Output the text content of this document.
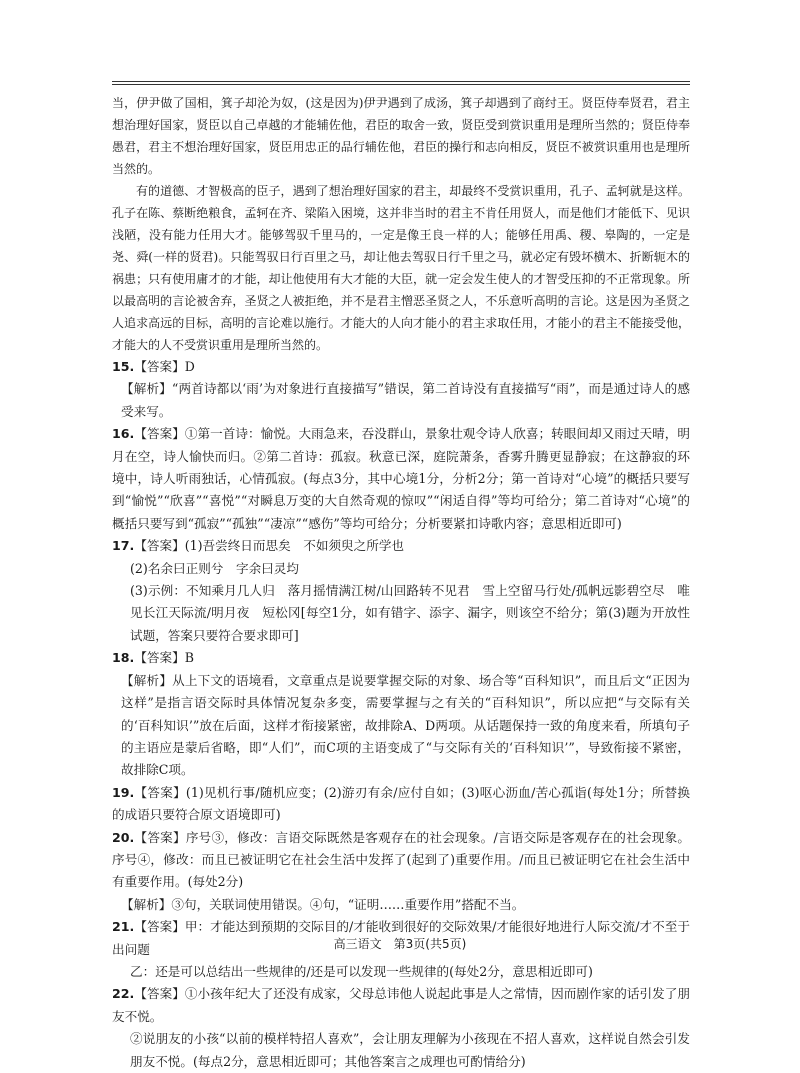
当，伊尹做了国相，箕子却沦为奴，(这是因为)伊尹遇到了成汤，箕子却遇到了商纣王。贤臣侍奉贤君，君主想治理好国家，贤臣以自己卓越的才能辅佐他，君臣的取舍一致，贤臣受到赏识重用是理所当然的；贤臣侍奉愚君，君主不想治理好国家，贤臣用忠正的品行辅佐他，君臣的操行和志向相反，贤臣不被赏识重用也是理所当然的。

有的道德、才智极高的臣子，遇到了想治理好国家的君主，却最终不受赏识重用，孔子、孟轲就是这样。孔子在陈、蔡断绝粮食，孟轲在齐、梁陷入困境，这并非当时的君主不肯任用贤人，而是他们才能低下、见识浅陋，没有能力任用大才。能够驾驭千里马的，一定是像王良一样的人；能够任用禹、稷、皋陶的，一定是尧、舜(一样的贤君)。只能驾驭日行百里之马，却让他去驾驭日行千里之马，就必定有毁坏横木、折断轭木的祸患；只有使用庸才的才能，却让他使用有大才能的大臣，就一定会发生使人的才智受压抑的不正常现象。所以最高明的言论被舍弃，圣贤之人被拒绝，并不是君主憎恶圣贤之人，不乐意听高明的言论。这是因为圣贤之人追求高远的目标，高明的言论难以施行。才能大的人向才能小的君主求取任用，才能小的君主不能接受他，才能大的人不受赏识重用是理所当然的。

15.【答案】D

【解析】“两首诗都以‘雨’为对象进行直接描写”错误，第二首诗没有直接描写“雨”，而是通过诗人的感受来写。

16.【答案】①第一首诗：愉悦。大雨急来，吞没群山，景象壮观令诗人欣喜；转眼间却又雨过天晴，明月在空，诗人愉快而归。②第二首诗：孤寂。秋意已深，庭院萧条，香雾升腾更显静寂；在这静寂的环境中，诗人听雨独话，心情孤寂。(每点3分，其中心境1分，分析2分；第一首诗对“心境”的概括只要写到“愉悦”“欣喜”“喜悦”“对瞬息万变的大自然奇观的惊叹”“闲适自得”等均可给分；第二首诗对“心境”的概括只要写到“孤寂”“孤独”“凄凉”“感伤”等均可给分；分析要紧扣诗歌内容；意思相近即可)

17.【答案】(1)吾尝终日而思矣　不如须臾之所学也

(2)名余曰正则兮　字余曰灵均

(3)示例：不知乘月几人归　落月摇情满江树/山回路转不见君　雪上空留马行处/孤帆远影碧空尽　唯见长江天际流/明月夜　短松冈[每空1分，如有错字、添字、漏字，则该空不给分；第(3)题为开放性试题，答案只要符合要求即可]

18.【答案】B

【解析】从上下文的语境看，文章重点是说要掌握交际的对象、场合等“百科知识”，而且后文“正因为这样”是指言语交际时具体情况复杂多变，需要掌握与之有关的“百科知识”，所以应把“与交际有关的‘百科知识’”放在后面，这样才衔接紧密，故排除A、D两项。从话题保持一致的角度来看，所填句子的主语应是蒙后省略，即“人们”，而C项的主语变成了“与交际有关的‘百科知识’”，导致衔接不紧密，故排除C项。

19.【答案】(1)见机行事/随机应变；(2)游刃有余/应付自如；(3)呕心沥血/苦心孤诣(每处1分；所替换的成语只要符合原文语境即可)

20.【答案】序号③，修改：言语交际既然是客观存在的社会现象。/言语交际是客观存在的社会现象。序号④，修改：而且已被证明它在社会生活中发挥了(起到了)重要作用。/而且已被证明它在社会生活中有重要作用。(每处2分)

【解析】③句，关联词使用错误。④句，“证明……重要作用”搭配不当。

21.【答案】甲：才能达到预期的交际目的/才能收到很好的交际效果/才能很好地进行人际交流/才不至于出问题

乙：还是可以总结出一些规律的/还是可以发现一些规律的(每处2分，意思相近即可)

22.【答案】①小孩年纪大了还没有成家，父母总讳他人说起此事是人之常情，因而剧作家的话引发了朋友不悦。

②说朋友的小孩“以前的模样特招人喜欢”，会让朋友理解为小孩现在不招人喜欢，这样说自然会引发朋友不悦。(每点2分，意思相近即可；其他答案言之成理也可酌情给分)

高三语文　第3页(共5页)
